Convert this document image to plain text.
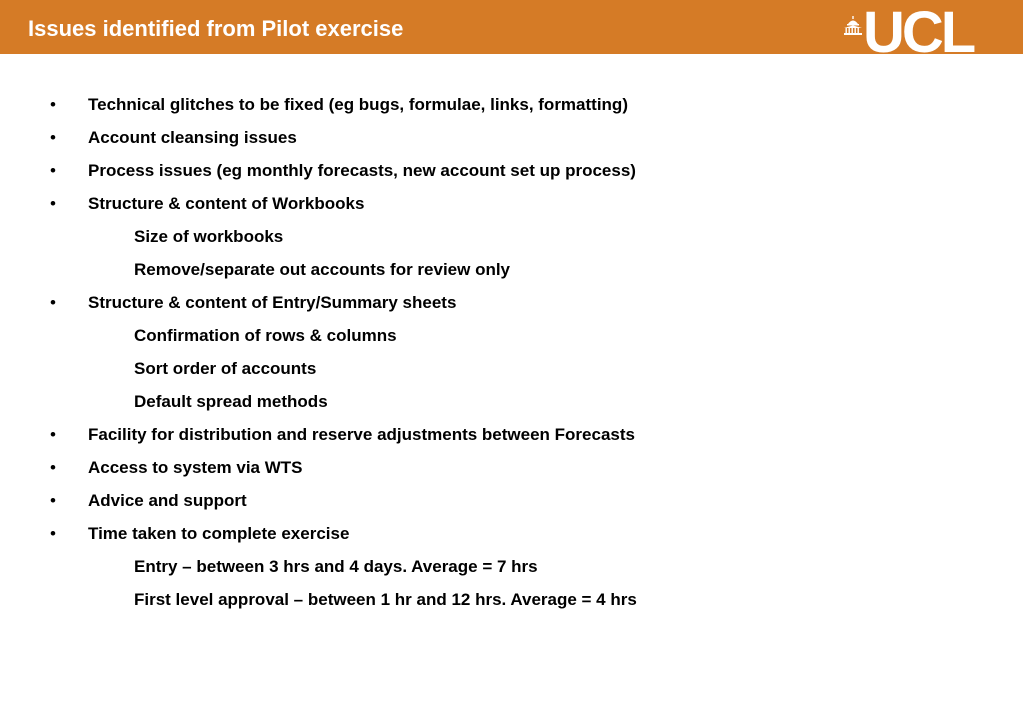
Issues identified from Pilot exercise	UCL
• Technical glitches to be fixed (eg bugs, formulae, links, formatting)
• Account cleansing issues
• Process issues (eg monthly forecasts, new account set up process)
• Structure & content of Workbooks
Size of workbooks
Remove/separate out accounts for review only
• Structure & content of Entry/Summary sheets
Confirmation of rows & columns
Sort order of accounts
Default spread methods
• Facility for distribution and reserve adjustments between Forecasts
• Access to system via WTS
• Advice and support
• Time taken to complete exercise
Entry – between 3 hrs and 4 days. Average = 7 hrs
First level approval – between 1 hr and 12 hrs. Average = 4 hrs
